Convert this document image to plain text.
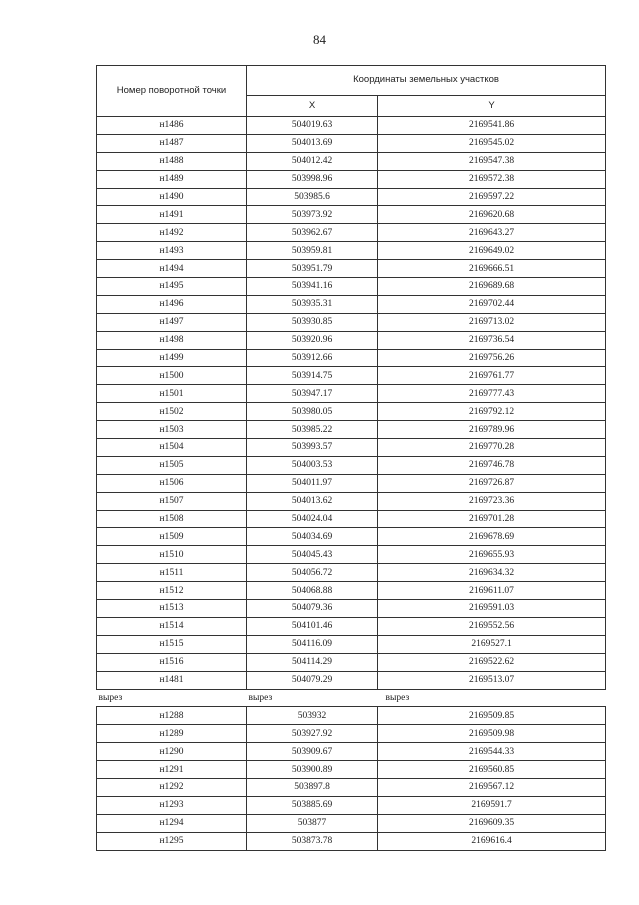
84
Номер поворотной точки	Координаты земельных участков	
	X	Y
н1486	504019.63	2169541.86
н1487	504013.69	2169545.02
н1488	504012.42	2169547.38
н1489	503998.96	2169572.38
н1490	503985.6	2169597.22
н1491	503973.92	2169620.68
н1492	503962.67	2169643.27
н1493	503959.81	2169649.02
н1494	503951.79	2169666.51
н1495	503941.16	2169689.68
н1496	503935.31	2169702.44
н1497	503930.85	2169713.02
н1498	503920.96	2169736.54
н1499	503912.66	2169756.26
н1500	503914.75	2169761.77
н1501	503947.17	2169777.43
н1502	503980.05	2169792.12
н1503	503985.22	2169789.96
н1504	503993.57	2169770.28
н1505	504003.53	2169746.78
н1506	504011.97	2169726.87
н1507	504013.62	2169723.36
н1508	504024.04	2169701.28
н1509	504034.69	2169678.69
н1510	504045.43	2169655.93
н1511	504056.72	2169634.32
н1512	504068.88	2169611.07
н1513	504079.36	2169591.03
н1514	504101.46	2169552.56
н1515	504116.09	2169527.1
н1516	504114.29	2169522.62
н1481	504079.29	2169513.07
вырез	вырез	вырез
н1288	503932	2169509.85
н1289	503927.92	2169509.98
н1290	503909.67	2169544.33
н1291	503900.89	2169560.85
н1292	503897.8	2169567.12
н1293	503885.69	2169591.7
н1294	503877	2169609.35
н1295	503873.78	2169616.4
